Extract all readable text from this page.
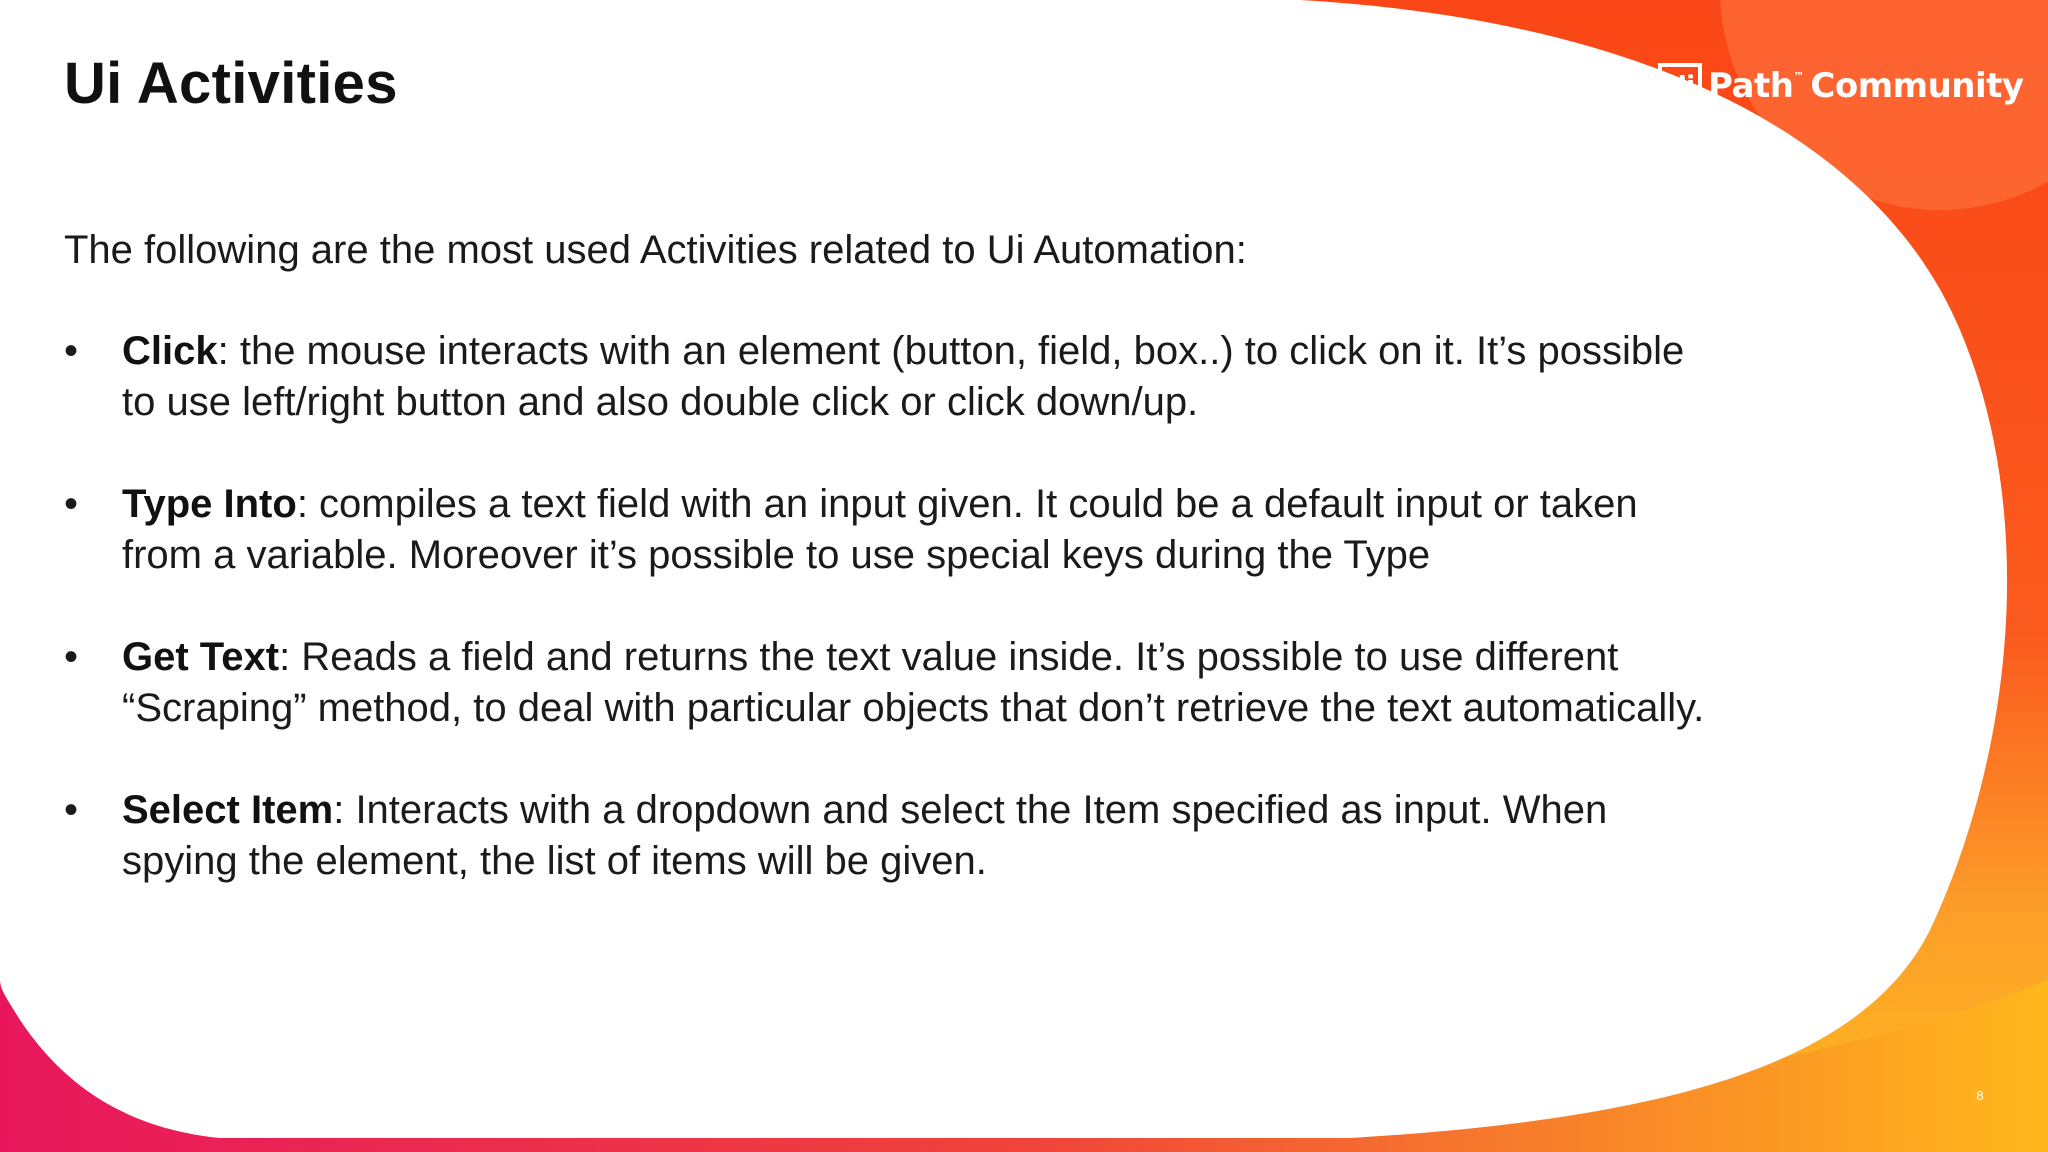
Ui Activities	Ui Path ™ Community

The following are the most used Activities related to Ui Automation:

•	Click: the mouse interacts with an element (button, field, box..) to click on it. It’s possible to use left/right button and also double click or click down/up.
•	Type Into: compiles a text field with an input given. It could be a default input or taken from a variable. Moreover it’s possible to use special keys during the Type
•	Get Text: Reads a field and returns the text value inside. It’s possible to use different “Scraping” method, to deal with particular objects that don’t retrieve the text automatically.
•	Select Item: Interacts with a dropdown and select the Item specified as input. When spying the element, the list of items will be given.
8
